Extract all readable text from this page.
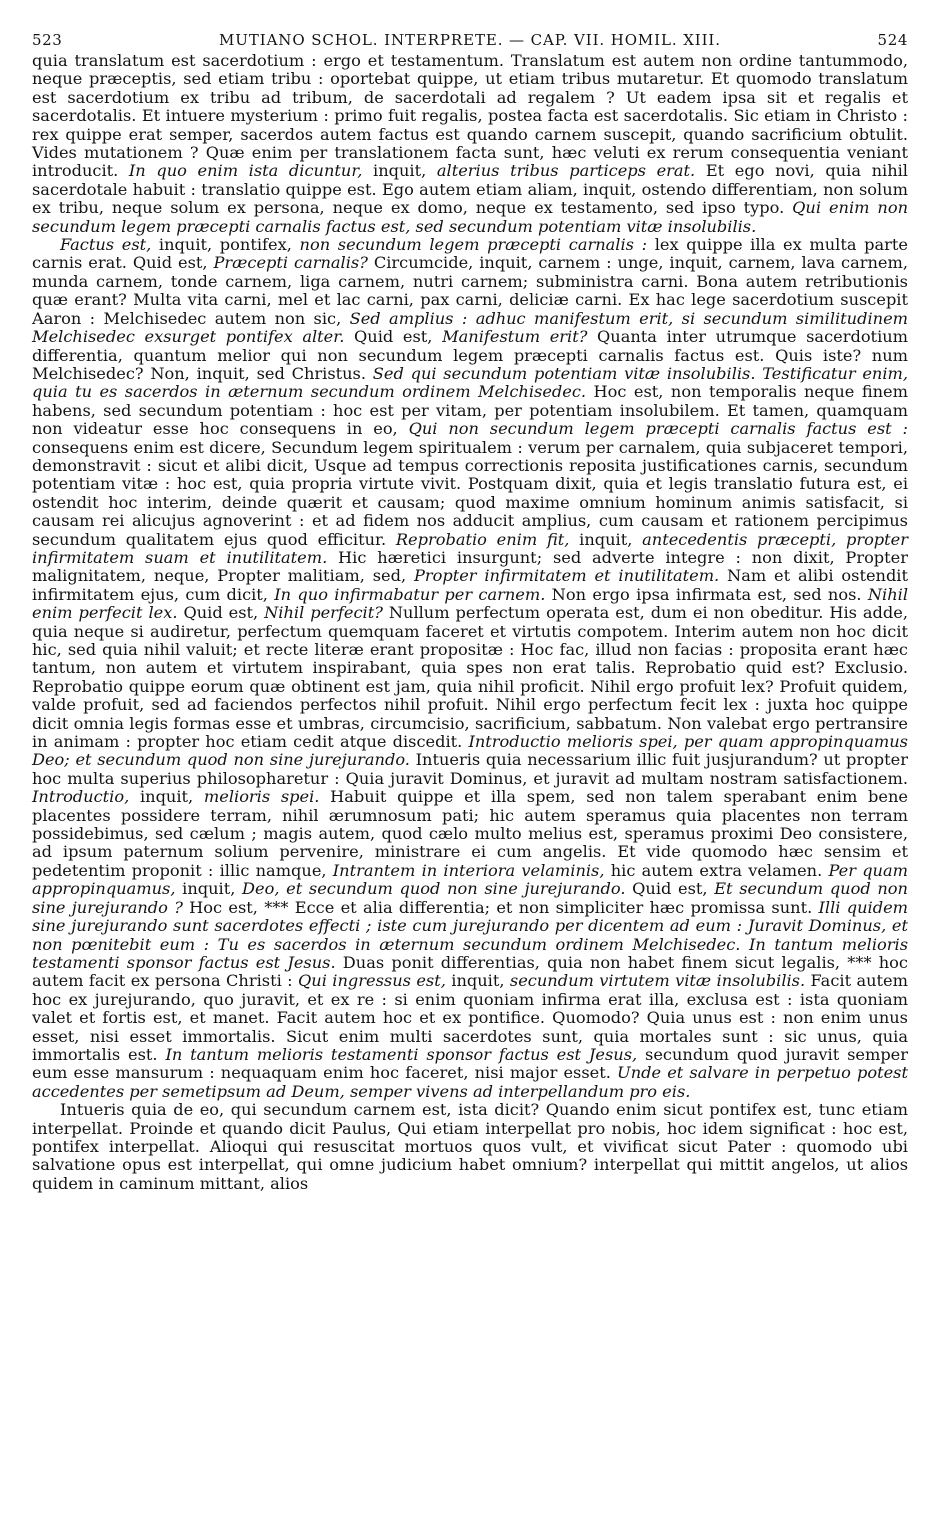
523	MUTIANO SCHOL. INTERPRETE. — CAP. VII. HOMIL. XIII.	524

quia translatum est sacerdotium : ergo et testamentum. Translatum est autem non ordine tantummodo, neque præceptis, sed etiam tribu : oportebat quippe, ut etiam tribus mutaretur. Et quomodo translatum est sacerdotium ex tribu ad tribum, de sacerdotali ad regalem ? Ut eadem ipsa sit et regalis et sacerdotalis. Et intuere mysterium : primo fuit regalis, postea facta est sacerdotalis. Sic etiam in Christo : rex quippe erat semper, sacerdos autem factus est quando carnem suscepit, quando sacrificium obtulit. Vides mutationem ? Quæ enim per translationem facta sunt, hæc veluti ex rerum consequentia veniant introducit. In quo enim ista dicuntur, inquit, alterius tribus particeps erat. Et ego novi, quia nihil sacerdotale habuit : translatio quippe est. Ego autem etiam aliam, inquit, ostendo differentiam, non solum ex tribu, neque solum ex persona, neque ex domo, neque ex testamento, sed ipso typo. Qui enim non secundum legem præcepti carnalis factus est, sed secundum potentiam vitæ insolubilis.

Factus est, inquit, pontifex, non secundum legem præcepti carnalis : lex quippe illa ex multa parte carnis erat. Quid est, Præcepti carnalis? Circumcide, inquit, carnem : unge, inquit, carnem, lava carnem, munda carnem, tonde carnem, liga carnem, nutri carnem; subministra carni. Bona autem retributionis quæ erant? Multa vita carni, mel et lac carni, pax carni, deliciæ carni. Ex hac lege sacerdotium suscepit Aaron : Melchisedec autem non sic, Sed amplius : adhuc manifestum erit, si secundum similitudinem Melchisedec exsurget pontifex alter. Quid est, Manifestum erit? Quanta inter utrumque sacerdotium differentia, quantum melior qui non secundum legem præcepti carnalis factus est. Quis iste? num Melchisedec? Non, inquit, sed Christus. Sed qui secundum potentiam vitæ insolubilis. Testificatur enim, quia tu es sacerdos in æternum secundum ordinem Melchisedec. Hoc est, non temporalis neque finem habens, sed secundum potentiam : hoc est per vitam, per potentiam insolubilem. Et tamen, quamquam non videatur esse hoc consequens in eo, Qui non secundum legem præcepti carnalis factus est : consequens enim est dicere, Secundum legem spiritualem : verum per carnalem, quia subjaceret tempori, demonstravit : sicut et alibi dicit, Usque ad tempus correctionis reposita justificationes carnis, secundum potentiam vitæ : hoc est, quia propria virtute vivit. Postquam dixit, quia et legis translatio futura est, ei ostendit hoc interim, deinde quærit et causam; quod maxime omnium hominum animis satisfacit, si causam rei alicujus agnoverint : et ad fidem nos adducit amplius, cum causam et rationem percipimus secundum qualitatem ejus quod efficitur. Reprobatio enim fit, inquit, antecedentis præcepti, propter infirmitatem suam et inutilitatem. Hic hæretici insurgunt; sed adverte integre : non dixit, Propter malignitatem, neque, Propter malitiam, sed, Propter infirmitatem et inutilitatem. Nam et alibi ostendit infirmitatem ejus, cum dicit, In quo infirmabatur per carnem. Non ergo ipsa infirmata est, sed nos. Nihil enim perfecit lex. Quid est, Nihil perfecit? Nullum perfectum operata est, dum ei non obeditur. His adde, quia neque si audiretur, perfectum quemquam faceret et virtutis compotem. Interim autem non hoc dicit hic, sed quia nihil valuit; et recte literæ erant propositæ : Hoc fac, illud non facias : proposita erant hæc tantum, non autem et virtutem inspirabant, quia spes non erat talis. Reprobatio quid est? Exclusio. Reprobatio quippe eorum quæ obtinent est jam, quia nihil proficit. Nihil ergo profuit lex? Profuit quidem, valde profuit, sed ad faciendos perfectos nihil profuit. Nihil ergo perfectum fecit lex : juxta hoc quippe dicit omnia legis formas esse et umbras, circumcisio, sacrificium, sabbatum. Non valebat ergo pertransire in animam : propter hoc etiam cedit atque discedit. Introductio melioris spei, per quam appropinquamus Deo; et secundum quod non sine jurejurando. Intueris quia necessarium illic fuit jusjurandum? ut propter hoc multa superius philosopharetur : Quia juravit Dominus, et juravit ad multam nostram satisfactionem. Introductio, inquit, melioris spei. Habuit quippe et illa spem, sed non talem sperabant enim bene placentes possidere terram, nihil ærumnosum pati; hic autem speramus quia placentes non terram possidebimus, sed cælum ; magis autem, quod cælo multo melius est, speramus proximi Deo consistere, ad ipsum paternum solium pervenire, ministrare ei cum angelis. Et vide quomodo hæc sensim et pedetentim proponit : illic namque, Intrantem in interiora velaminis, hic autem extra velamen. Per quam appropinquamus, inquit, Deo, et secundum quod non sine jurejurando. Quid est, Et secundum quod non sine jurejurando ? Hoc est, *** Ecce et alia differentia; et non simpliciter hæc promissa sunt. Illi quidem sine jurejurando sunt sacerdotes effecti ; iste cum jurejurando per dicentem ad eum : Juravit Dominus, et non pœnitebit eum : Tu es sacerdos in æternum secundum ordinem Melchisedec. In tantum melioris testamenti sponsor factus est Jesus. Duas ponit differentias, quia non habet finem sicut legalis, *** hoc autem facit ex persona Christi : Qui ingressus est, inquit, secundum virtutem vitæ insolubilis. Facit autem hoc ex jurejurando, quo juravit, et ex re : si enim quoniam infirma erat illa, exclusa est : ista quoniam valet et fortis est, et manet. Facit autem hoc et ex pontifice. Quomodo? Quia unus est : non enim unus esset, nisi esset immortalis. Sicut enim multi sacerdotes sunt, quia mortales sunt : sic unus, quia immortalis est. In tantum melioris testamenti sponsor factus est Jesus, secundum quod juravit semper eum esse mansurum : nequaquam enim hoc faceret, nisi major esset. Unde et salvare in perpetuo potest accedentes per semetipsum ad Deum, semper vivens ad interpellandum pro eis.

Intueris quia de eo, qui secundum carnem est, ista dicit? Quando enim sicut pontifex est, tunc etiam interpellat. Proinde et quando dicit Paulus, Qui etiam interpellat pro nobis, hoc idem significat : hoc est, pontifex interpellat. Alioqui qui resuscitat mortuos quos vult, et vivificat sicut Pater : quomodo ubi salvatione opus est interpellat, qui omne judicium habet omnium? interpellat qui mittit angelos, ut alios quidem in caminum mittant, alios
